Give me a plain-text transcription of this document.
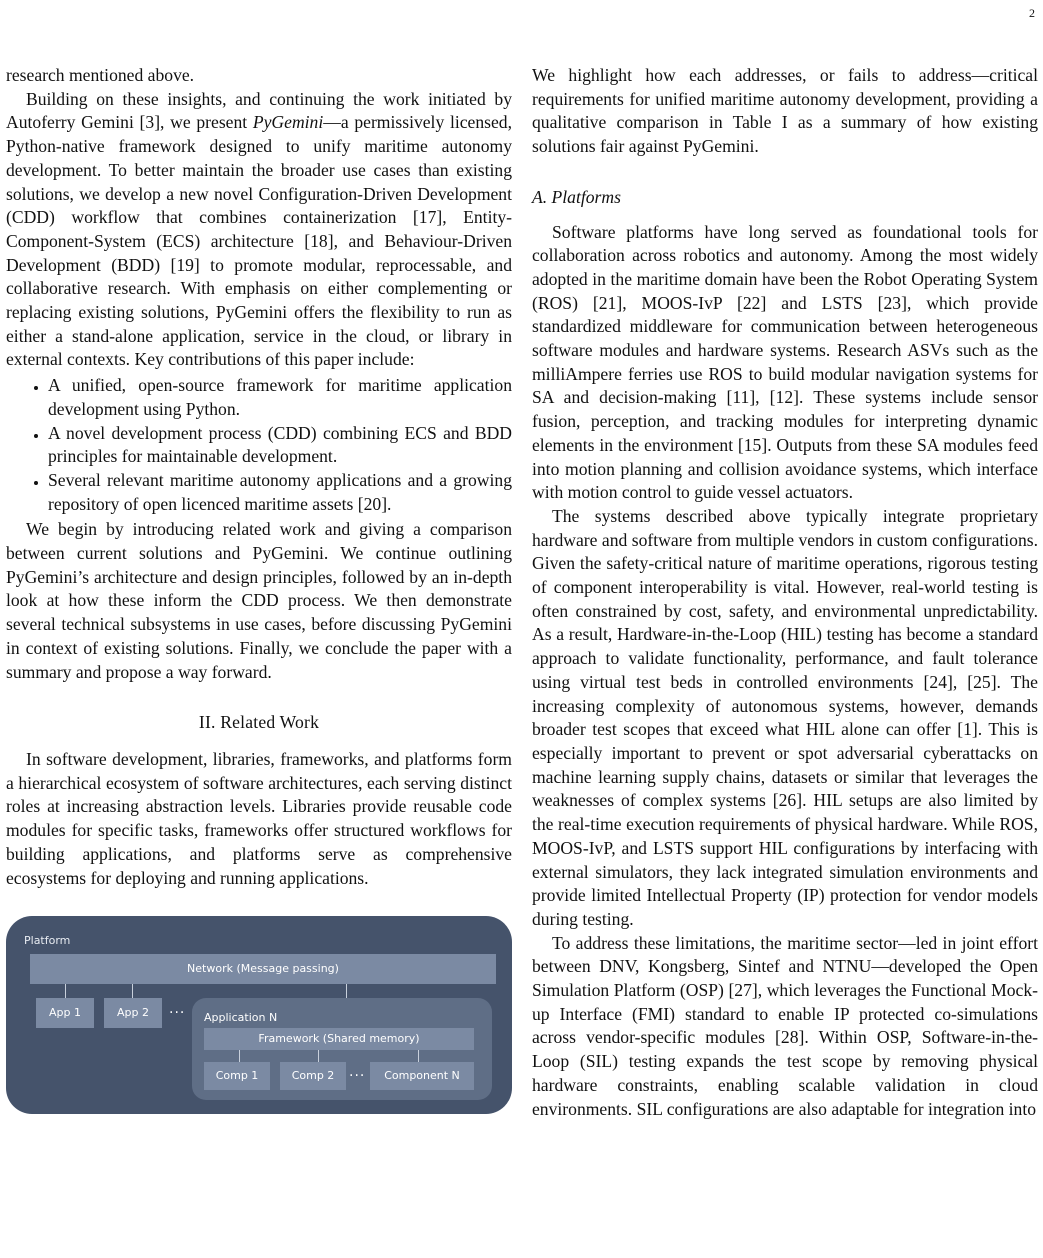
2

research mentioned above.

Building on these insights, and continuing the work initiated by Autoferry Gemini [3], we present PyGemini—a permissively licensed, Python-native framework designed to unify maritime autonomy development. To better maintain the broader use cases than existing solutions, we develop a new novel Configuration-Driven Development (CDD) workflow that combines containerization [17], Entity-Component-System (ECS) architecture [18], and Behaviour-Driven Development (BDD) [19] to promote modular, reprocessable, and collaborative research. With emphasis on either complementing or replacing existing solutions, PyGemini offers the flexibility to run as either a stand-alone application, service in the cloud, or library in external contexts. Key contributions of this paper include:

• A unified, open-source framework for maritime application development using Python.
• A novel development process (CDD) combining ECS and BDD principles for maintainable development.
• Several relevant maritime autonomy applications and a growing repository of open licenced maritime assets [20].

We begin by introducing related work and giving a comparison between current solutions and PyGemini. We continue outlining PyGemini’s architecture and design principles, followed by an in-depth look at how these inform the CDD process. We then demonstrate several technical subsystems in use cases, before discussing PyGemini in context of existing solutions. Finally, we conclude the paper with a summary and propose a way forward.

II. Related Work

In software development, libraries, frameworks, and platforms form a hierarchical ecosystem of software architectures, each serving distinct roles at increasing abstraction levels. Libraries provide reusable code modules for specific tasks, frameworks offer structured workflows for building applications, and platforms serve as comprehensive ecosystems for deploying and running applications.

Platform
Network (Message passing)
App 1	App 2	··· Application N
Framework (Shared memory)
Comp 1	Comp 2	···	Component N

We highlight how each addresses, or fails to address—critical requirements for unified maritime autonomy development, providing a qualitative comparison in Table I as a summary of how existing solutions fair against PyGemini.

A. Platforms

Software platforms have long served as foundational tools for collaboration across robotics and autonomy. Among the most widely adopted in the maritime domain have been the Robot Operating System (ROS) [21], MOOS-IvP [22] and LSTS [23], which provide standardized middleware for communication between heterogeneous software modules and hardware systems. Research ASVs such as the milliAmpere ferries use ROS to build modular navigation systems for SA and decision-making [11], [12]. These systems include sensor fusion, perception, and tracking modules for interpreting dynamic elements in the environment [15]. Outputs from these SA modules feed into motion planning and collision avoidance systems, which interface with motion control to guide vessel actuators.

The systems described above typically integrate proprietary hardware and software from multiple vendors in custom configurations. Given the safety-critical nature of maritime operations, rigorous testing of component interoperability is vital. However, real-world testing is often constrained by cost, safety, and environmental unpredictability. As a result, Hardware-in-the-Loop (HIL) testing has become a standard approach to validate functionality, performance, and fault tolerance using virtual test beds in controlled environments [24], [25]. The increasing complexity of autonomous systems, however, demands broader test scopes that exceed what HIL alone can offer [1]. This is especially important to prevent or spot adversarial cyberattacks on machine learning supply chains, datasets or similar that leverages the weaknesses of complex systems [26]. HIL setups are also limited by the real-time execution requirements of physical hardware. While ROS, MOOS-IvP, and LSTS support HIL configurations by interfacing with external simulators, they lack integrated simulation environments and provide limited Intellectual Property (IP) protection for vendor models during testing.

To address these limitations, the maritime sector—led in joint effort between DNV, Kongsberg, Sintef and NTNU—developed the Open Simulation Platform (OSP) [27], which leverages the Functional Mock-up Interface (FMI) standard to enable IP protected co-simulations across vendor-specific modules [28]. Within OSP, Software-in-the-Loop (SIL) testing expands the test scope by removing physical hardware constraints, enabling scalable validation in cloud environments. SIL configurations are also adaptable for integration into
